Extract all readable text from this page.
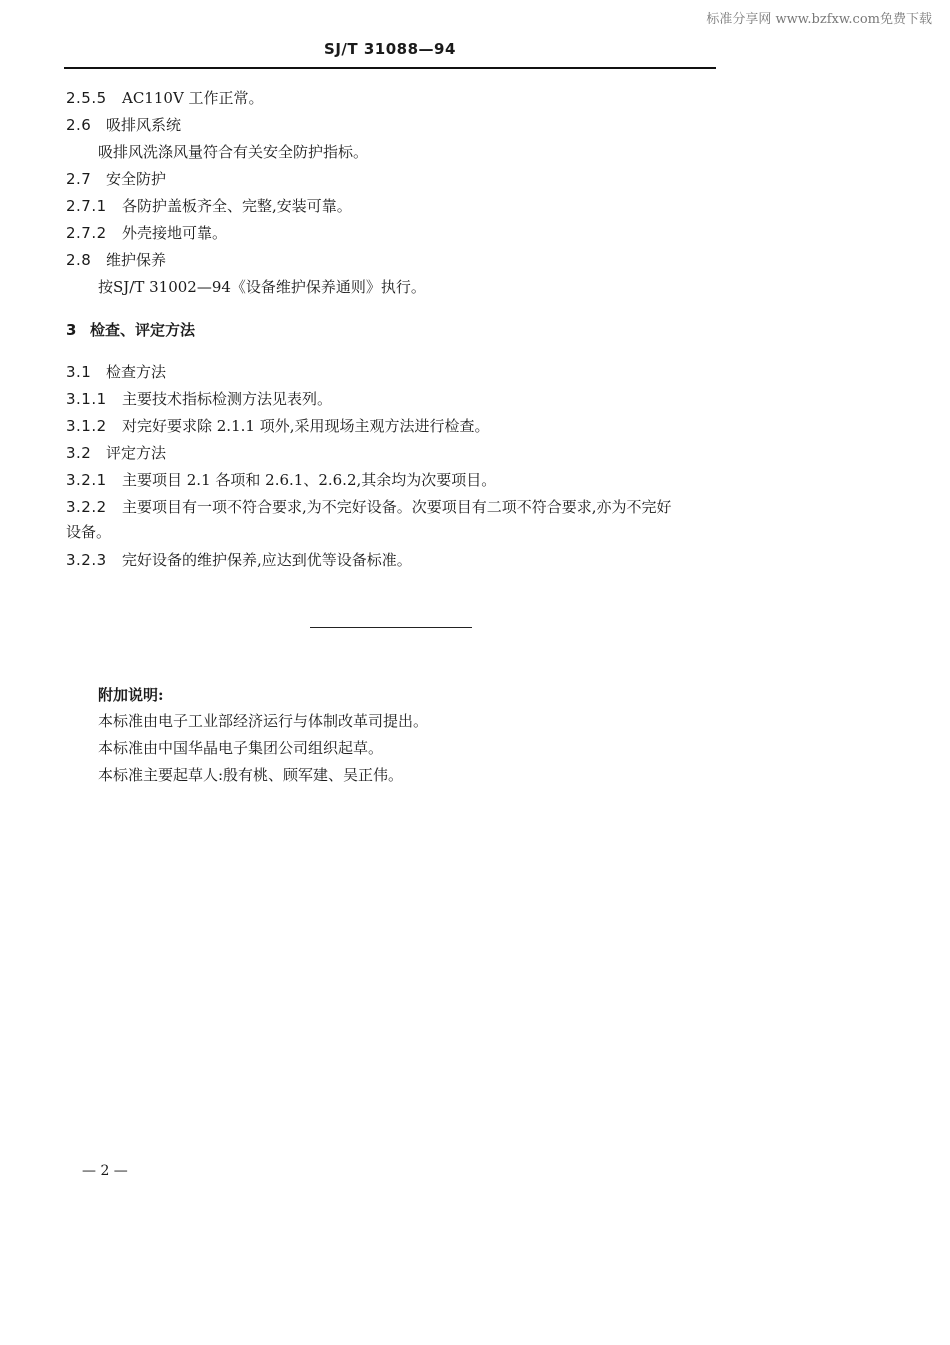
标准分享网 www.bzfxw.com免费下载
SJ/T 31088—94
2.5.5 AC110V 工作正常。
2.6 吸排风系统
吸排风洗涤风量符合有关安全防护指标。
2.7 安全防护
2.7.1 各防护盖板齐全、完整,安装可靠。
2.7.2 外壳接地可靠。
2.8 维护保养
按SJ/T 31002—94《设备维护保养通则》执行。
3 检查、评定方法
3.1 检查方法
3.1.1 主要技术指标检测方法见表列。
3.1.2 对完好要求除 2.1.1 项外,采用现场主观方法进行检查。
3.2 评定方法
3.2.1 主要项目 2.1 各项和 2.6.1、2.6.2,其余均为次要项目。
3.2.2 主要项目有一项不符合要求,为不完好设备。次要项目有二项不符合要求,亦为不完好
设备。
3.2.3 完好设备的维护保养,应达到优等设备标准。
附加说明:
本标准由电子工业部经济运行与体制改革司提出。
本标准由中国华晶电子集团公司组织起草。
本标准主要起草人:殷有桃、顾军建、吴正伟。
— 2 —
